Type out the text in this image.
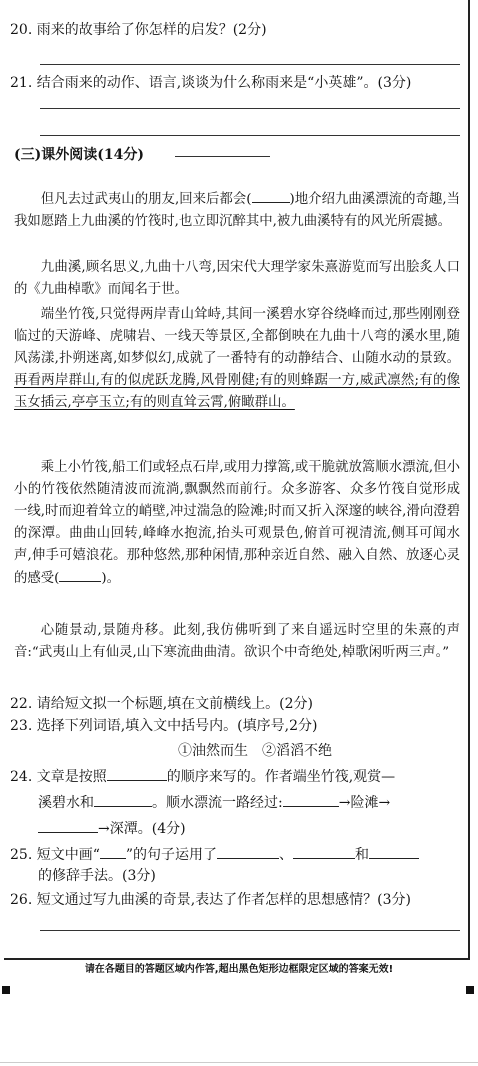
20. 雨来的故事给了你怎样的启发？(2分)
21. 结合雨来的动作、语言,谈谈为什么称雨来是“小英雄”。(3分)
(三)课外阅读(14分)

但凡去过武夷山的朋友,回来后都会(	)地介绍九曲溪漂流的奇趣,当我如愿踏上九曲溪的竹筏时,也立即沉醉其中,被九曲溪特有的风光所震撼。

九曲溪,顾名思义,九曲十八弯,因宋代大理学家朱熹游览而写出脍炙人口的《九曲棹歌》而闻名于世。

端坐竹筏,只觉得两岸青山耸峙,其间一溪碧水穿谷绕峰而过,那些刚刚登临过的天游峰、虎啸岩、一线天等景区,全都倒映在九曲十八弯的溪水里,随风荡漾,扑朔迷离,如梦似幻,成就了一番特有的动静结合、山随水动的景致。再看两岸群山,有的似虎跃龙腾,风骨刚健;有的则蜂踞一方,威武凛然;有的像玉女插云,亭亭玉立;有的则直耸云霄,俯瞰群山。

乘上小竹筏,船工们或轻点石岸,或用力撑篙,或干脆就放篙顺水漂流,但小小的竹筏依然随清波而流淌,飘飘然而前行。众多游客、众多竹筏自觉形成一线,时而迎着耸立的峭壁,冲过湍急的险滩;时而又折入深邃的峡谷,滑向澄碧的深潭。曲曲山回转,峰峰水抱流,抬头可观景色,俯首可视清流,侧耳可闻水声,伸手可嬉浪花。那种悠然,那种闲情,那种亲近自然、融入自然、放逐心灵的感受(	)。

心随景动,景随舟移。此刻,我仿佛听到了来自遥远时空里的朱熹的声音:“武夷山上有仙灵,山下寒流曲曲清。欲识个中奇绝处,棹歌闲听两三声。”

22. 请给短文拟一个标题,填在文前横线上。(2分)
23. 选择下列词语,填入文中括号内。(填序号,2分)
①油然而生　②滔滔不绝
24. 文章是按照	的顺序来写的。作者端坐竹筏,观赏—
溪碧水和	。顺水漂流一路经过:	→险滩→
→深潭。(4分)
25. 短文中画“ ”的句子运用了	、	和
的修辞手法。(3分)
26. 短文通过写九曲溪的奇景,表达了作者怎样的思想感情？(3分)
请在各题目的答题区域内作答,超出黑色矩形边框限定区域的答案无效!
